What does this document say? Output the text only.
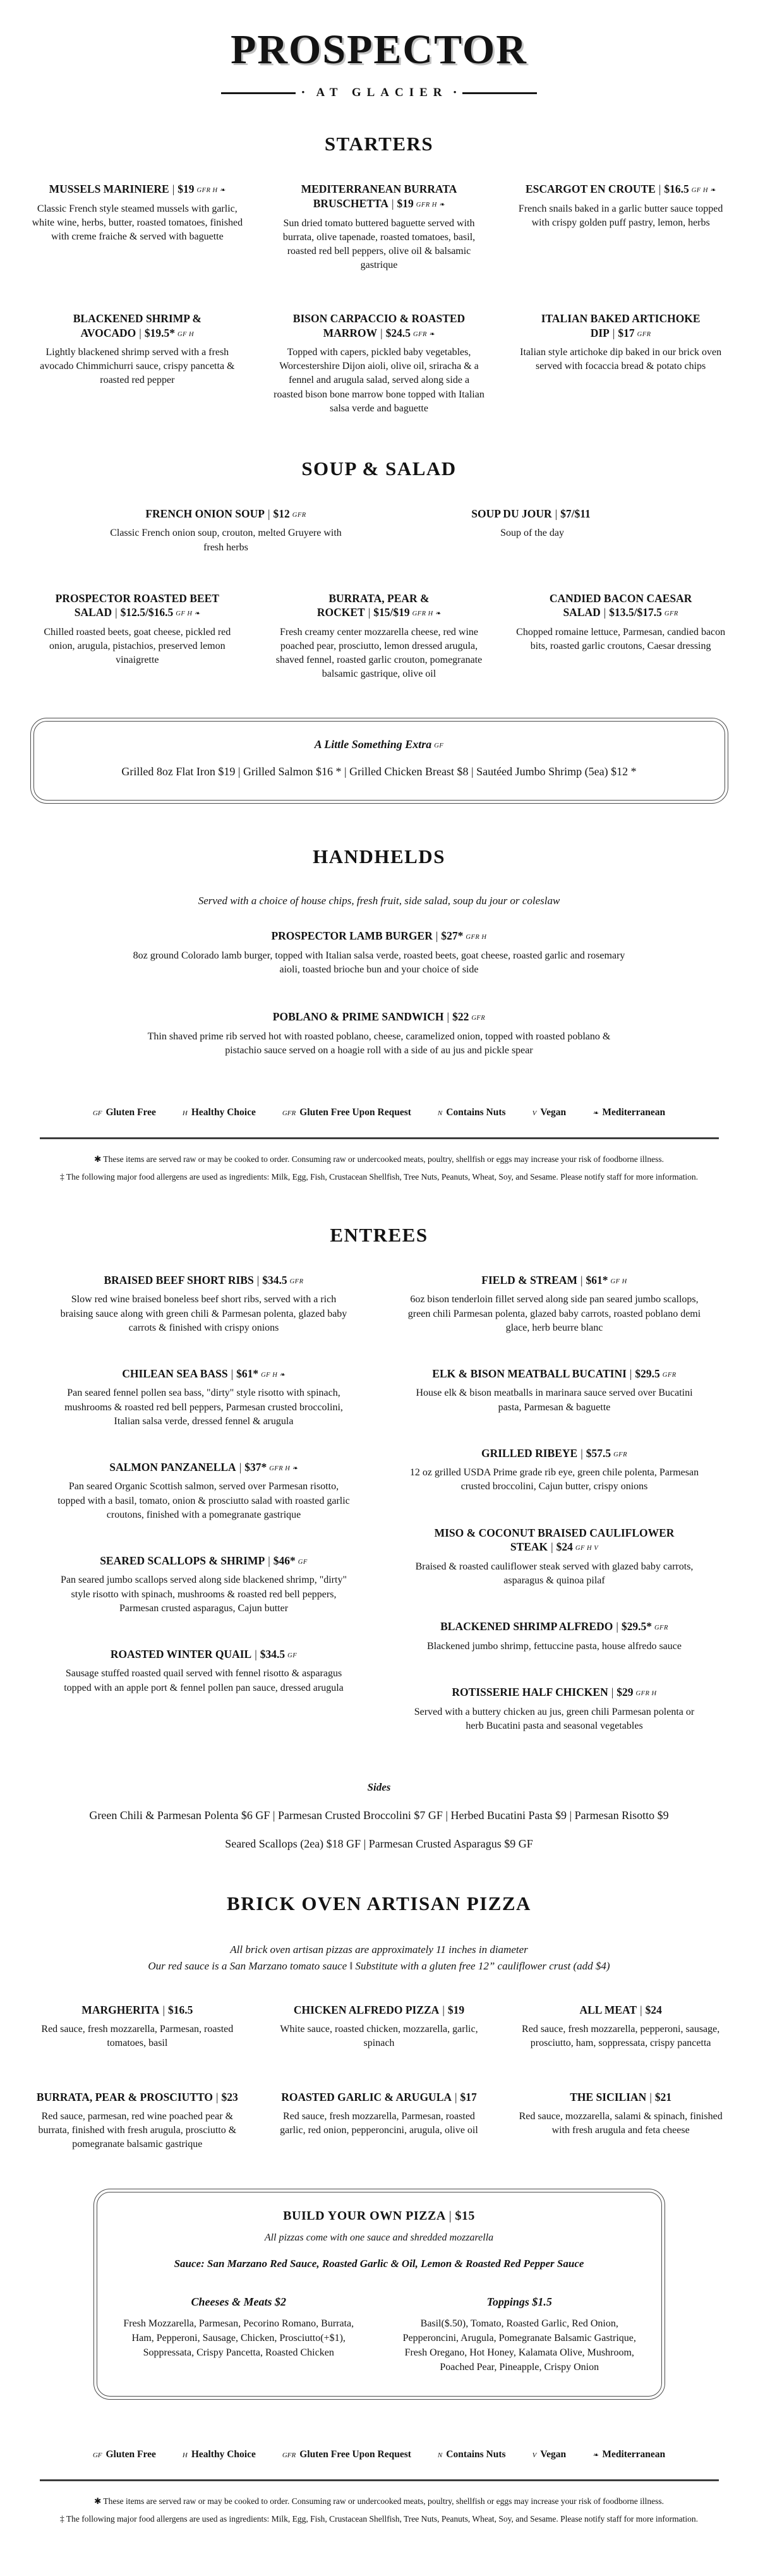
PROSPECTOR
• AT GLACIER •
STARTERS
MUSSELS MARINIERE | $19 GFR H ❧
Classic French style steamed mussels with garlic, white wine, herbs, butter, roasted tomatoes, finished with creme fraiche & served with baguette
MEDITERRANEAN BURRATA BRUSCHETTA | $19 GFR H ❧
Sun dried tomato buttered baguette served with burrata, olive tapenade, roasted tomatoes, basil, roasted red bell peppers, olive oil & balsamic gastrique
ESCARGOT EN CROUTE | $16.5 GF H ❧
French snails baked in a garlic butter sauce topped with crispy golden puff pastry, lemon, herbs
BLACKENED SHRIMP & AVOCADO | $19.5* GF H
Lightly blackened shrimp served with a fresh avocado Chimmichurri sauce, crispy pancetta & roasted red pepper
BISON CARPACCIO & ROASTED MARROW | $24.5 GFR ❧
Topped with capers, pickled baby vegetables, Worcestershire Dijon aioli, olive oil, sriracha & a fennel and arugula salad, served along side a roasted bison bone marrow bone topped with Italian salsa verde and baguette
ITALIAN BAKED ARTICHOKE DIP | $17 GFR
Italian style artichoke dip baked in our brick oven served with focaccia bread & potato chips
SOUP & SALAD
FRENCH ONION SOUP | $12 GFR
Classic French onion soup, crouton, melted Gruyere with fresh herbs
SOUP DU JOUR | $7/$11
Soup of the day
PROSPECTOR ROASTED BEET SALAD | $12.5/$16.5 GF H ❧
Chilled roasted beets, goat cheese, pickled red onion, arugula, pistachios, preserved lemon vinaigrette
BURRATA, PEAR & ROCKET | $15/$19 GFR H ❧
Fresh creamy center mozzarella cheese, red wine poached pear, prosciutto, lemon dressed arugula, shaved fennel, roasted garlic crouton, pomegranate balsamic gastrique, olive oil
CANDIED BACON CAESAR SALAD | $13.5/$17.5 GFR
Chopped romaine lettuce, Parmesan, candied bacon bits, roasted garlic croutons, Caesar dressing
A Little Something Extra GF
Grilled 8oz Flat Iron $19 | Grilled Salmon $16 * | Grilled Chicken Breast $8 | Sautéed Jumbo Shrimp (5ea) $12 *
HANDHELDS

Served with a choice of house chips, fresh fruit, side salad, soup du jour or coleslaw

PROSPECTOR LAMB BURGER | $27* GFR H
8oz ground Colorado lamb burger, topped with Italian salsa verde, roasted beets, goat cheese, roasted garlic and rosemary aioli, toasted brioche bun and your choice of side
POBLANO & PRIME SANDWICH | $22 GFR
Thin shaved prime rib served hot with roasted poblano, cheese, caramelized onion, topped with roasted poblano & pistachio sauce served on a hoagie roll with a side of au jus and pickle spear
GF Gluten Free	H Healthy Choice	GFR Gluten Free Upon Request	N Contains Nuts	V Vegan	❧ Mediterranean

✱ These items are served raw or may be cooked to order. Consuming raw or undercooked meats, poultry, shellfish or eggs may increase your risk of foodborne illness.

‡ The following major food allergens are used as ingredients: Milk, Egg, Fish, Crustacean Shellfish, Tree Nuts, Peanuts, Wheat, Soy, and Sesame. Please notify staff for more information.

ENTREES
BRAISED BEEF SHORT RIBS | $34.5 GFR
Slow red wine braised boneless beef short ribs, served with a rich braising sauce along with green chili & Parmesan polenta, glazed baby carrots & finished with crispy onions
CHILEAN SEA BASS | $61* GF H ❧
Pan seared fennel pollen sea bass, "dirty" style risotto with spinach, mushrooms & roasted red bell peppers, Parmesan crusted broccolini, Italian salsa verde, dressed fennel & arugula
SALMON PANZANELLA | $37* GFR H ❧
Pan seared Organic Scottish salmon, served over Parmesan risotto, topped with a basil, tomato, onion & prosciutto salad with roasted garlic croutons, finished with a pomegranate gastrique
SEARED SCALLOPS & SHRIMP | $46* GF
Pan seared jumbo scallops served along side blackened shrimp, "dirty" style risotto with spinach, mushrooms & roasted red bell peppers, Parmesan crusted asparagus, Cajun butter
ROASTED WINTER QUAIL | $34.5 GF
Sausage stuffed roasted quail served with fennel risotto & asparagus topped with an apple port & fennel pollen pan sauce, dressed arugula
FIELD & STREAM | $61* GF H
6oz bison tenderloin fillet served along side pan seared jumbo scallops, green chili Parmesan polenta, glazed baby carrots, roasted poblano demi glace, herb beurre blanc
ELK & BISON MEATBALL BUCATINI | $29.5 GFR
House elk & bison meatballs in marinara sauce served over Bucatini pasta, Parmesan & baguette
GRILLED RIBEYE | $57.5 GFR
12 oz grilled USDA Prime grade rib eye, green chile polenta, Parmesan crusted broccolini, Cajun butter, crispy onions
MISO & COCONUT BRAISED CAULIFLOWER STEAK | $24 GF H V
Braised & roasted cauliflower steak served with glazed baby carrots, asparagus & quinoa pilaf
BLACKENED SHRIMP ALFREDO | $29.5* GFR
Blackened jumbo shrimp, fettuccine pasta, house alfredo sauce
ROTISSERIE HALF CHICKEN | $29 GFR H
Served with a buttery chicken au jus, green chili Parmesan polenta or herb Bucatini pasta and seasonal vegetables
Sides
Green Chili & Parmesan Polenta $6 GF | Parmesan Crusted Broccolini $7 GF | Herbed Bucatini Pasta $9 | Parmesan Risotto $9
Seared Scallops (2ea) $18 GF | Parmesan Crusted Asparagus $9 GF
BRICK OVEN ARTISAN PIZZA
All brick oven artisan pizzas are approximately 11 inches in diameter
Our red sauce is a San Marzano tomato sauce ‖ Substitute with a gluten free 12” cauliflower crust (add $4)
MARGHERITA | $16.5
Red sauce, fresh mozzarella, Parmesan, roasted tomatoes, basil
CHICKEN ALFREDO PIZZA | $19
White sauce, roasted chicken, mozzarella, garlic, spinach
ALL MEAT | $24
Red sauce, fresh mozzarella, pepperoni, sausage, prosciutto, ham, soppressata, crispy pancetta
BURRATA, PEAR & PROSCIUTTO | $23
Red sauce, parmesan, red wine poached pear & burrata, finished with fresh arugula, prosciutto & pomegranate balsamic gastrique
ROASTED GARLIC & ARUGULA | $17
Red sauce, fresh mozzarella, Parmesan, roasted garlic, red onion, pepperoncini, arugula, olive oil
THE SICILIAN | $21
Red sauce, mozzarella, salami & spinach, finished with fresh arugula and feta cheese
BUILD YOUR OWN PIZZA | $15
All pizzas come with one sauce and shredded mozzarella
Sauce: San Marzano Red Sauce, Roasted Garlic & Oil, Lemon & Roasted Red Pepper Sauce
Cheeses & Meats $2
Fresh Mozzarella, Parmesan, Pecorino Romano, Burrata, Ham, Pepperoni, Sausage, Chicken, Prosciutto(+$1), Soppressata, Crispy Pancetta, Roasted Chicken
Toppings $1.5
Basil($.50), Tomato, Roasted Garlic, Red Onion, Pepperoncini, Arugula, Pomegranate Balsamic Gastrique, Fresh Oregano, Hot Honey, Kalamata Olive, Mushroom, Poached Pear, Pineapple, Crispy Onion
GF Gluten Free	H Healthy Choice	GFR Gluten Free Upon Request	N Contains Nuts	V Vegan	❧ Mediterranean

✱ These items are served raw or may be cooked to order. Consuming raw or undercooked meats, poultry, shellfish or eggs may increase your risk of foodborne illness.

‡ The following major food allergens are used as ingredients: Milk, Egg, Fish, Crustacean Shellfish, Tree Nuts, Peanuts, Wheat, Soy, and Sesame. Please notify staff for more information.
